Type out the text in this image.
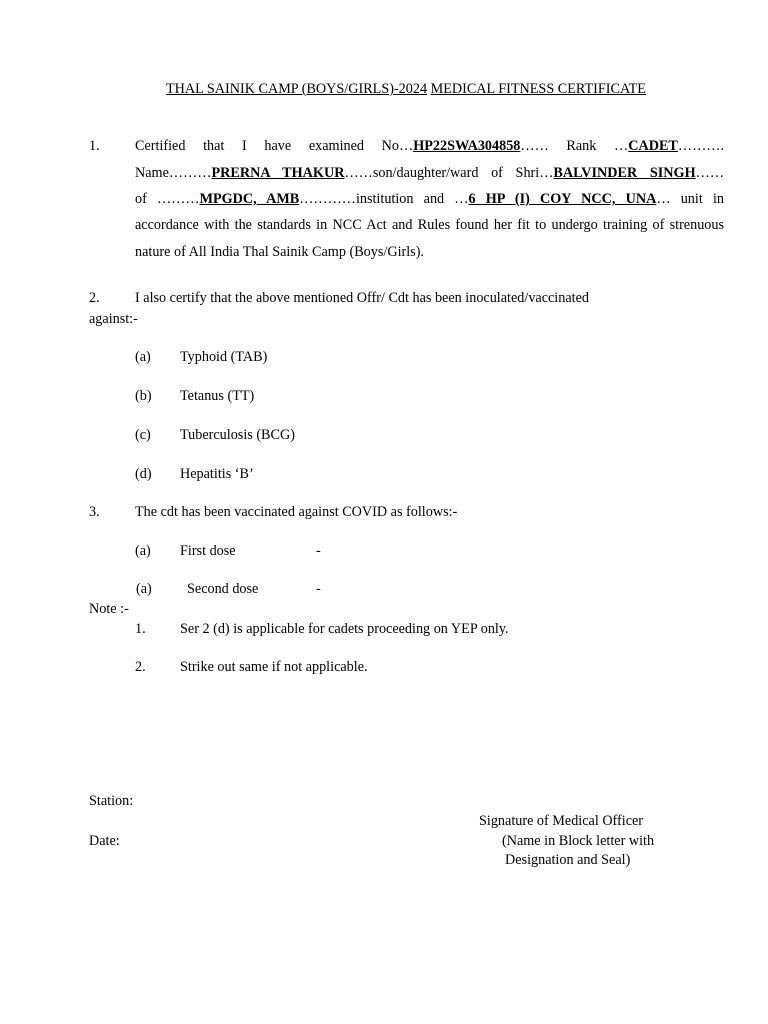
THAL SAINIK CAMP (BOYS/GIRLS)-2024 MEDICAL FITNESS CERTIFICATE
1. Certified that I have examined No…HP22SWA304858…… Rank …CADET……….
Name………PRERNA THAKUR……son/daughter/ward of Shri…BALVINDER SINGH……
of ………MPGDC, AMB…………institution and …6 HP (I) COY NCC, UNA… unit in
accordance with the standards in NCC Act and Rules found her fit to undergo training of strenuous
nature of All India Thal Sainik Camp (Boys/Girls).
2. I also certify that the above mentioned Offr/ Cdt has been inoculated/vaccinated
against:-
(a) Typhoid (TAB)
(b) Tetanus (TT)
(c) Tuberculosis (BCG)
(d) Hepatitis ‘B’
3. The cdt has been vaccinated against COVID as follows:-
(a) First dose	-
(a) Second dose	-
Note :-
1. Ser 2 (d) is applicable for cadets proceeding on YEP only.
2. Strike out same if not applicable.
Station:
Date:
Signature of Medical Officer
(Name in Block letter with
Designation and Seal)
